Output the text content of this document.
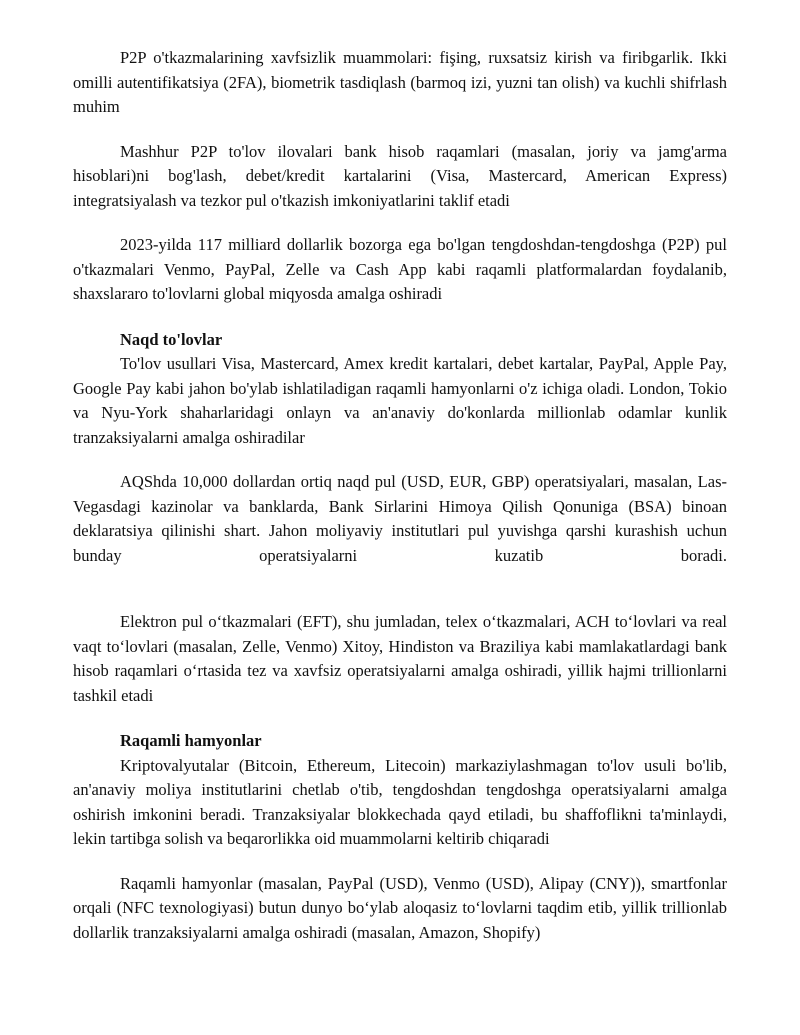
P2P o'tkazmalarining xavfsizlik muammolari: fişing, ruxsatsiz kirish va firibgarlik. Ikki omilli autentifikatsiya (2FA), biometrik tasdiqlash (barmoq izi, yuzni tan olish) va kuchli shifrlash muhim

Mashhur P2P to'lov ilovalari bank hisob raqamlari (masalan, joriy va jamg'arma hisoblari)ni bog'lash, debet/kredit kartalarini (Visa, Mastercard, American Express) integratsiyalash va tezkor pul o'tkazish imkoniyatlarini taklif etadi

2023-yilda 117 milliard dollarlik bozorga ega bo'lgan tengdoshdan-tengdoshga (P2P) pul o'tkazmalari Venmo, PayPal, Zelle va Cash App kabi raqamli platformalardan foydalanib, shaxslararo to'lovlarni global miqyosda amalga oshiradi

Naqd to'lovlar

To'lov usullari Visa, Mastercard, Amex kredit kartalari, debet kartalar, PayPal, Apple Pay, Google Pay kabi jahon bo'ylab ishlatiladigan raqamli hamyonlarni o'z ichiga oladi. London, Tokio va Nyu-York shaharlaridagi onlayn va an'anaviy do'konlarda millionlab odamlar kunlik tranzaksiyalarni amalga oshiradilar

AQShda 10,000 dollardan ortiq naqd pul (USD, EUR, GBP) operatsiyalari, masalan, Las-Vegasdagi kazinolar va banklarda, Bank Sirlarini Himoya Qilish Qonuniga (BSA) binoan deklaratsiya qilinishi shart. Jahon moliyaviy institutlari pul yuvishga qarshi kurashish uchun bunday operatsiyalarni kuzatib boradi.

Elektron pul oʻtkazmalari (EFT), shu jumladan, telex oʻtkazmalari, ACH toʻlovlari va real vaqt toʻlovlari (masalan, Zelle, Venmo) Xitoy, Hindiston va Braziliya kabi mamlakatlardagi bank hisob raqamlari oʻrtasida tez va xavfsiz operatsiyalarni amalga oshiradi, yillik hajmi trillionlarni tashkil etadi

Raqamli hamyonlar

Kriptovalyutalar (Bitcoin, Ethereum, Litecoin) markaziylashmagan to'lov usuli bo'lib, an'anaviy moliya institutlarini chetlab o'tib, tengdoshdan tengdoshga operatsiyalarni amalga oshirish imkonini beradi. Tranzaksiyalar blokkechada qayd etiladi, bu shaffoflikni ta'minlaydi, lekin tartibga solish va beqarorlikka oid muammolarni keltirib chiqaradi

Raqamli hamyonlar (masalan, PayPal (USD), Venmo (USD), Alipay (CNY)), smartfonlar orqali (NFC texnologiyasi) butun dunyo boʻylab aloqasiz toʻlovlarni taqdim etib, yillik trillionlab dollarlik tranzaksiyalarni amalga oshiradi (masalan, Amazon, Shopify)
